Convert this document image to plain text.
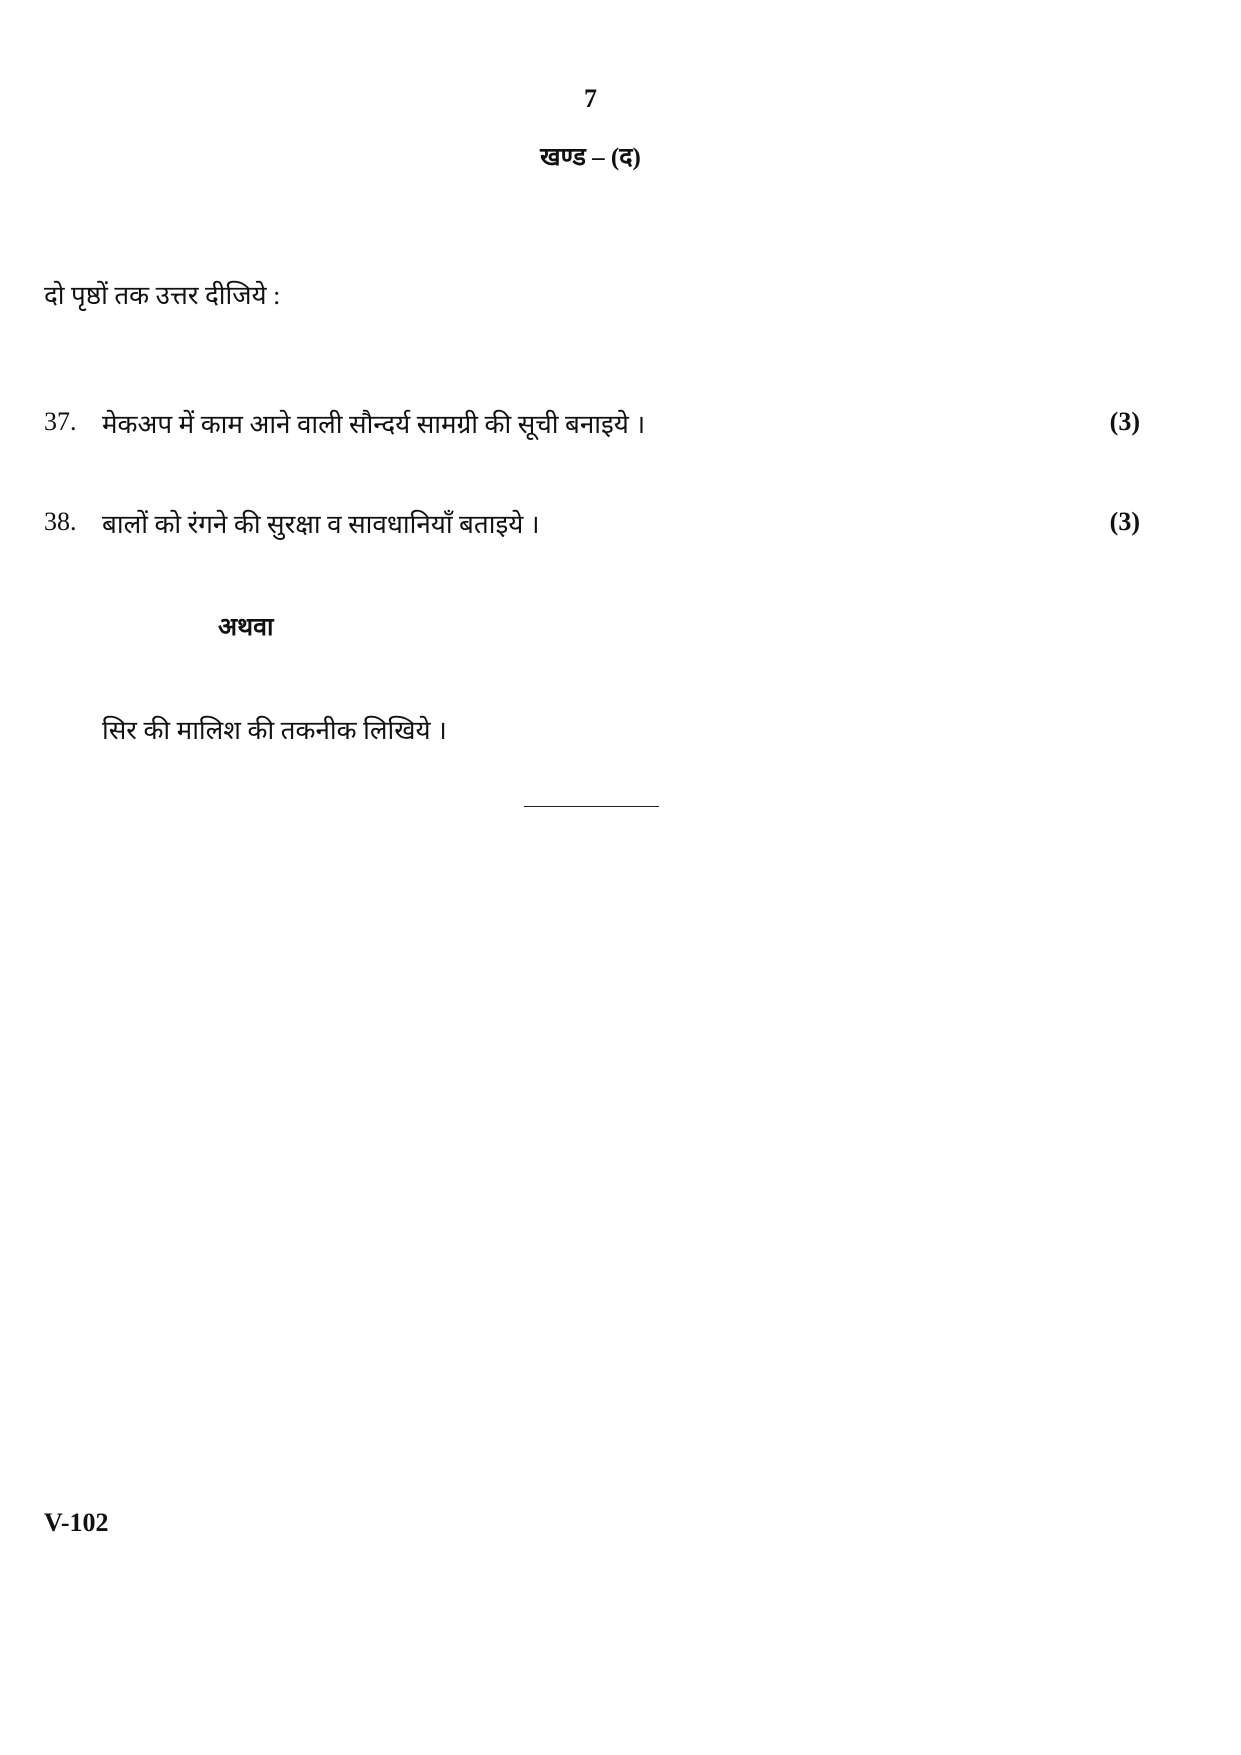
7
खण्ड – (द)
दो पृष्ठों तक उत्तर दीजिये :
37. मेकअप में काम आने वाली सौन्दर्य सामग्री की सूची बनाइये ।	(3)
38. बालों को रंगने की सुरक्षा व सावधानियाँ बताइये ।	(3)
अथवा
सिर की मालिश की तकनीक लिखिये ।
V-102
